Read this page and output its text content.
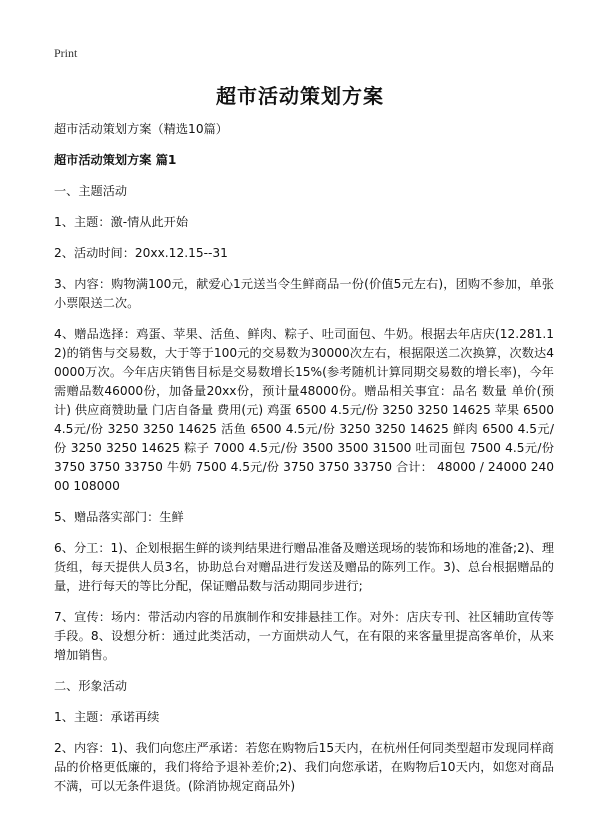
Print
超市活动策划方案

超市活动策划方案（精选10篇）

超市活动策划方案 篇1

一、主题活动

1、主题：激-情从此开始

2、活动时间：20xx.12.15--31

3、内容：购物满100元，献爱心1元送当令生鲜商品一份(价值5元左右)，团购不参加，单张小票限送二次。

4、赠品选择：鸡蛋、苹果、活鱼、鲜肉、粽子、吐司面包、牛奶。根据去年店庆(12.281.12)的销售与交易数，大于等于100元的交易数为30000次左右，根据限送二次换算，次数达40000万次。今年店庆销售目标是交易数增长15%(参考随机计算同期交易数的增长率)，今年需赠品数46000份，加备量20xx份，预计量48000份。赠品相关事宜：品名 数量 单价(预计) 供应商赞助量 门店自备量 费用(元) 鸡蛋 6500 4.5元/份 3250 3250 14625 苹果 6500 4.5元/份 3250 3250 14625 活鱼 6500 4.5元/份 3250 3250 14625 鲜肉 6500 4.5元/份 3250 3250 14625 粽子 7000 4.5元/份 3500 3500 31500 吐司面包 7500 4.5元/份 3750 3750 33750 牛奶 7500 4.5元/份 3750 3750 33750 合计： 48000 / 24000 24000 108000

5、赠品落实部门：生鲜

6、分工：1)、企划根据生鲜的谈判结果进行赠品准备及赠送现场的装饰和场地的准备;2)、理货组，每天提供人员3名，协助总台对赠品进行发送及赠品的陈列工作。3)、总台根据赠品的量，进行每天的等比分配，保证赠品数与活动期同步进行;

7、宣传：场内：带活动内容的吊旗制作和安排悬挂工作。对外：店庆专刊、社区辅助宣传等手段。8、设想分析：通过此类活动，一方面烘动人气，在有限的来客量里提高客单价，从来增加销售。

二、形象活动

1、主题：承诺再续

2、内容：1)、我们向您庄严承诺：若您在购物后15天内，在杭州任何同类型超市发现同样商品的价格更低廉的，我们将给予退补差价;2)、我们向您承诺，在购物后10天内，如您对商品不满，可以无条件退货。(除消协规定商品外)
